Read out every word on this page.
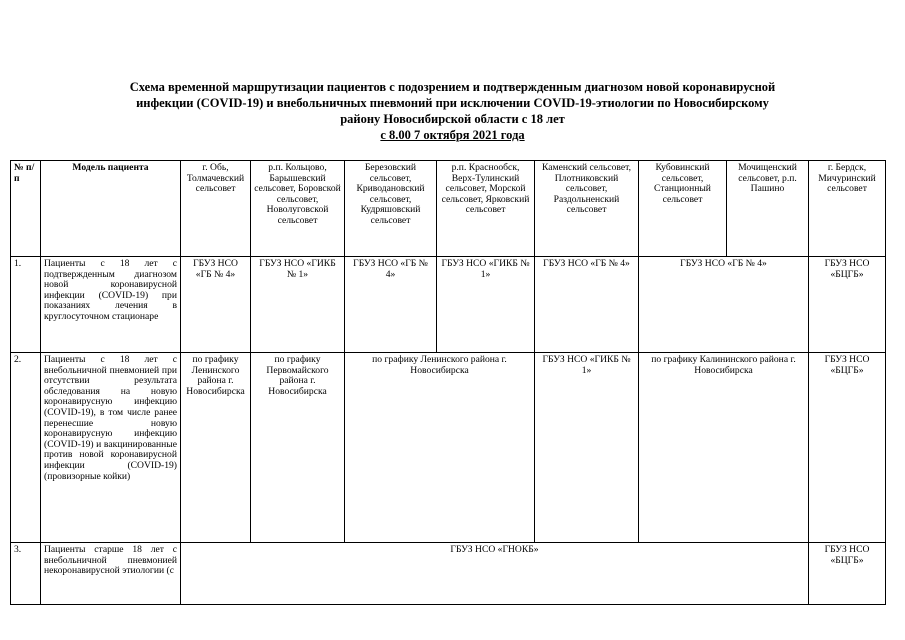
Схема временной маршрутизации пациентов с подозрением и подтвержденным диагнозом новой коронавирусной
инфекции (COVID-19) и внебольничных пневмоний при исключении COVID-19-этиологии по Новосибирскому
району Новосибирской области с 18 лет
с 8.00 7 октября 2021 года
№ п/п	Модель пациента	г. Обь, Толмачевский сельсовет	р.п. Кольцово, Барышевский сельсовет, Боровской сельсовет, Новолуговской сельсовет	Березовский сельсовет, Криводановский сельсовет, Кудряшовский сельсовет	р.п. Краснообск, Верх-Тулинский сельсовет, Морской сельсовет, Ярковский сельсовет	Каменский сельсовет, Плотниковский сельсовет, Раздольненский сельсовет	Кубовинский сельсовет, Станционный сельсовет	Мочищенский сельсовет, р.п. Пашино	г. Бердск, Мичуринский сельсовет
1.	Пациенты с 18 лет с подтвержденным диагнозом новой коронавирусной инфекции (COVID-19) при показаниях лечения в круглосуточном стационаре	ГБУЗ НСО «ГБ № 4»	ГБУЗ НСО «ГИКБ № 1»	ГБУЗ НСО «ГБ № 4»	ГБУЗ НСО «ГИКБ № 1»	ГБУЗ НСО «ГБ № 4»	ГБУЗ НСО «ГБ № 4»		ГБУЗ НСО «БЦГБ»
2.	Пациенты с 18 лет с внебольничной пневмонией при отсутствии результата обследования на новую коронавирусную инфекцию (COVID-19), в том числе ранее перенесшие новую коронавирусную инфекцию (COVID-19) и вакцинированные против новой коронавирусной инфекции (COVID-19) (провизорные койки)	по графику Ленинского района г. Новосибирска	по графику Первомайского района г. Новосибирска	по графику Ленинского района г. Новосибирска		ГБУЗ НСО «ГИКБ № 1»	по графику Калининского района г. Новосибирска		ГБУЗ НСО «БЦГБ»
3.	Пациенты старше 18 лет с внебольничной пневмонией некоронавирусной этиологии (с	ГБУЗ НСО «ГНОКБ»							ГБУЗ НСО «БЦГБ»
